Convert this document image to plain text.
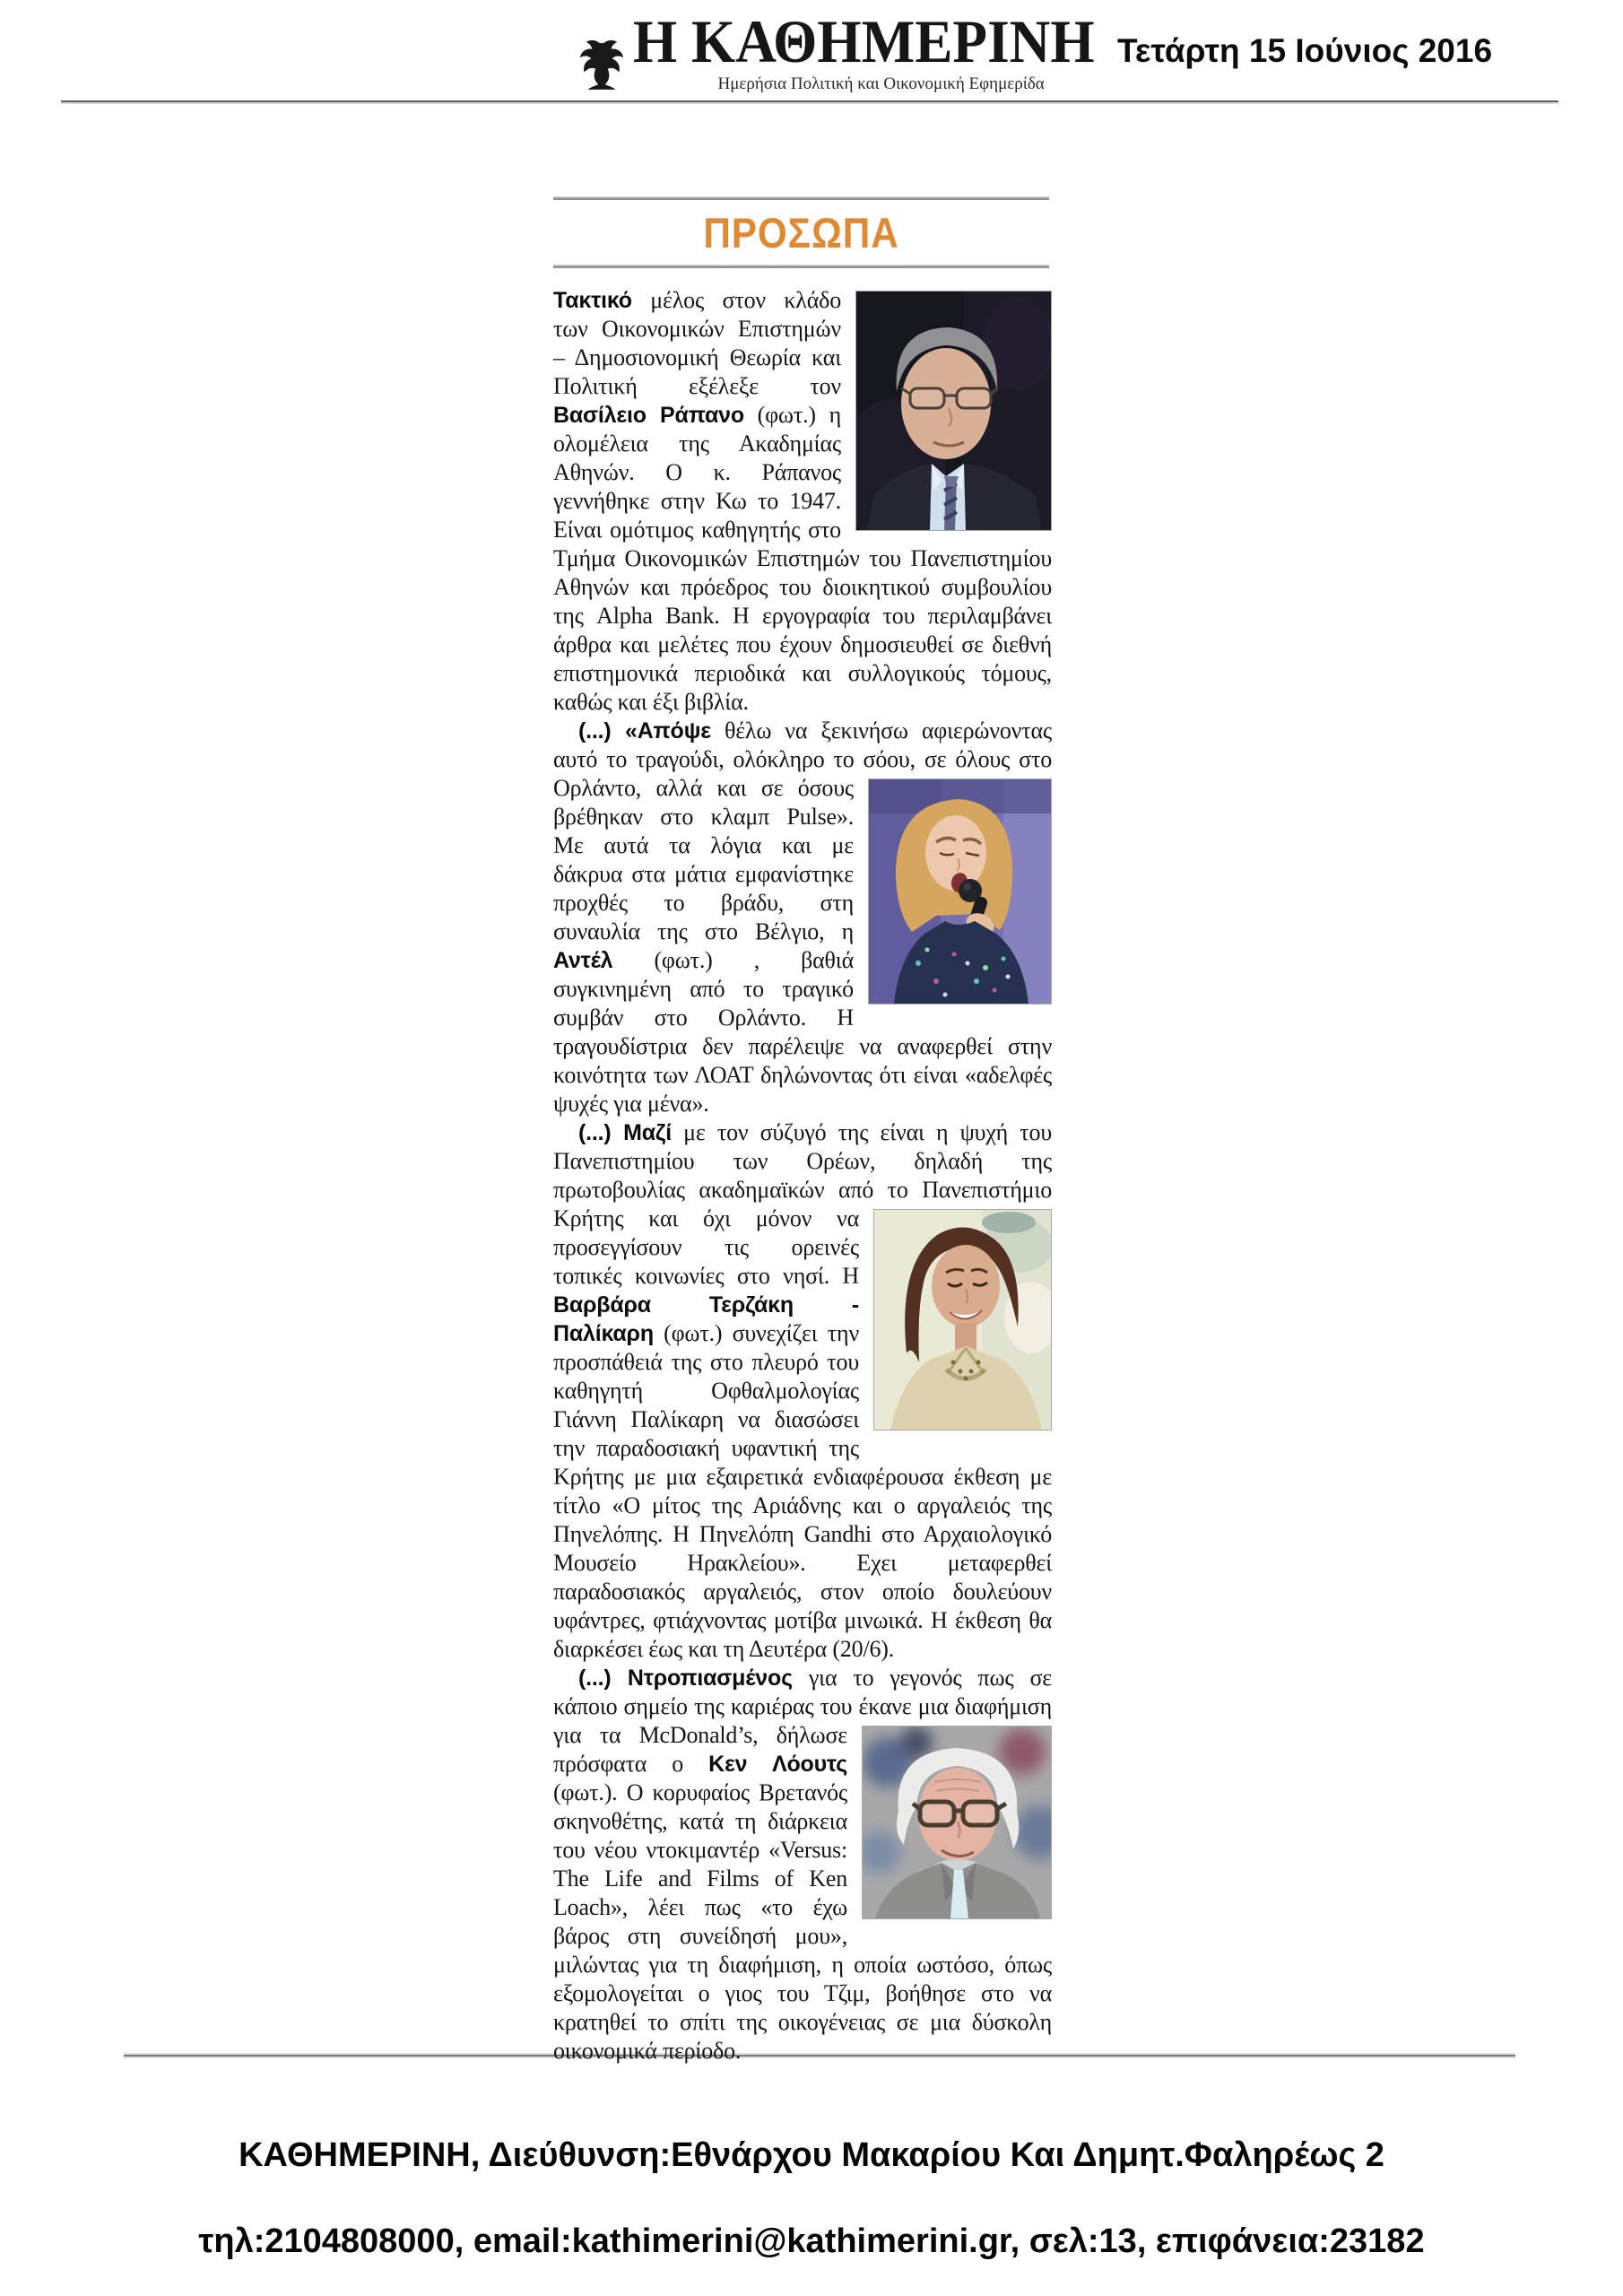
Η ΚΑΘΗΜΕΡΙΝΗ
Ημερήσια Πολιτική και Οικονομική Εφημερίδα
Τετάρτη 15 Ιούνιος 2016
ΠΡΟΣΩΠΑ

Τακτικό μέλος στον κλάδο των Οικονομικών Επιστημών – Δημοσιονομική Θεωρία και Πολιτική εξέλεξε τον Βασίλειο Ράπανο (φωτ.) η ολομέλεια της Ακαδημίας Αθηνών. Ο κ. Ράπανος γεννήθηκε στην Κω το 1947. Είναι ομότιμος καθηγητής στο Τμήμα Οικονομικών Επιστημών του Πανεπιστημίου Αθηνών και πρόεδρος του διοικητικού συμβουλίου της Alpha Bank. Η εργογραφία του περιλαμβάνει άρθρα και μελέτες που έχουν δημοσιευθεί σε διεθνή επιστημονικά περιοδικά και συλλογικούς τόμους, καθώς και έξι βιβλία.

(...) «Απόψε θέλω να ξεκινήσω αφιερώνοντας αυτό το τραγούδι, ολόκληρο το σόου, σε όλους
στο Ορλάντο, αλλά και σε όσους βρέθηκαν στο κλαμπ Pulse». Με αυτά τα λόγια και με δάκρυα στα μάτια εμφανίστηκε προχθές το βράδυ, στη συναυλία της στο Βέλγιο, η Αντέλ (φωτ.) , βαθιά συγκινημένη από το τραγικό συμβάν στο Ορλάντο. Η τραγουδίστρια δεν παρέλειψε να αναφερθεί στην κοινότητα των ΛΟΑΤ δηλώνοντας ότι είναι «αδελφές ψυχές για μένα».

(...) Μαζί με τον σύζυγό της είναι η ψυχή του Πανεπιστημίου των Ορέων, δηλαδή της πρωτοβουλίας ακαδημαϊκών από το Πανεπιστήμιο
Κρήτης και όχι μόνον να προσεγγίσουν τις ορεινές τοπικές κοινωνίες στο νησί. Η Βαρβάρα Τερζάκη - Παλίκαρη (φωτ.) συνεχίζει την προσπάθειά της στο πλευρό του καθηγητή Οφθαλμολογίας Γιάννη Παλίκαρη να διασώσει την παραδοσιακή υφαντική της Κρήτης με μια εξαιρετικά ενδιαφέρουσα έκθεση με τίτλο «Ο μίτος της Αριάδνης και ο αργαλειός της Πηνελόπης. Η Πηνελόπη Gandhi στο Αρχαιολογικό Μουσείο Ηρακλείου». Εχει μεταφερθεί παραδοσιακός αργαλειός, στον οποίο δουλεύουν υφάντρες, φτιάχνοντας μοτίβα μινωικά. Η έκθεση θα διαρκέσει έως και τη Δευτέρα (20/6).

(...) Ντροπιασμένος για το γεγονός πως σε κάποιο σημείο της καριέρας του έκανε μια
διαφήμιση για τα McDonald’s, δήλωσε πρόσφατα ο Κεν Λόουτς (φωτ.). Ο κορυφαίος Βρετανός σκηνοθέτης, κατά τη διάρκεια του νέου ντοκιμαντέρ «Versus: The Life and Films of Ken Loach», λέει πως «το έχω βάρος στη συνείδησή μου», μιλώντας για τη διαφήμιση, η οποία ωστόσο, όπως εξομολογείται ο γιος του Τζιμ, βοήθησε στο να κρατηθεί το σπίτι της οικογένειας σε μια δύσκολη οικονομικά περίοδο.

ΚΑΘΗΜΕΡΙΝΗ, Διεύθυνση:Εθνάρχου Μακαρίου Και Δημητ.Φαληρέως 2
τηλ:2104808000, email:kathimerini@kathimerini.gr, σελ:13, επιφάνεια:23182
